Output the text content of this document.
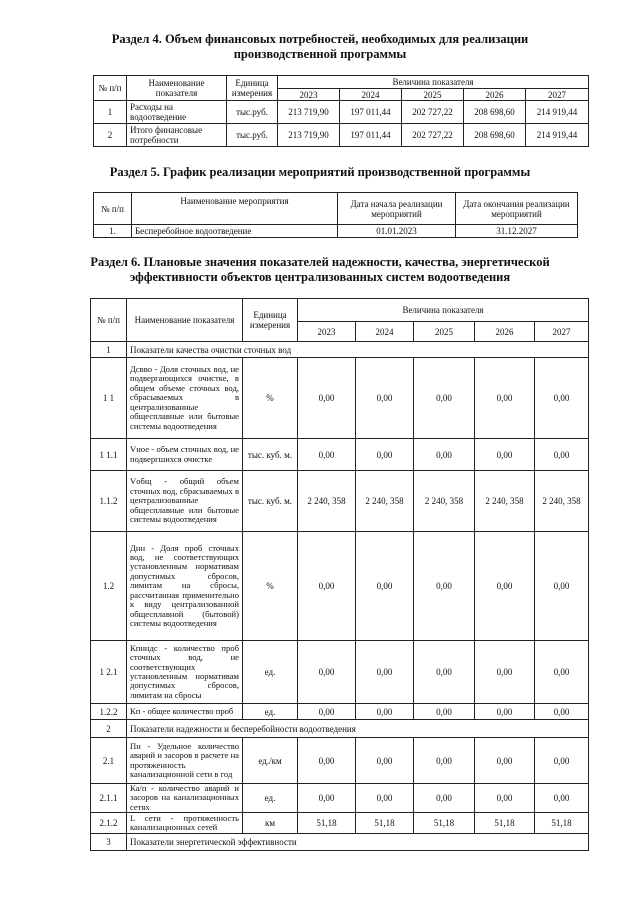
Раздел 4. Объем финансовых потребностей, необходимых для реализации
производственной программы
№ п/п	Наименование показателя	Единица измерения	Величина показателя				
			2023	2024	2025	2026	2027
1	Расходы на водоотведение	тыс.руб.	213 719,90	197 011,44	202 727,22	208 698,60	214 919,44
2	Итого финансовые потребности	тыс.руб.	213 719,90	197 011,44	202 727,22	208 698,60	214 919,44
Раздел 5. График реализации мероприятий производственной программы
№ п/п	Наименование мероприятия	Дата начала реализации мероприятий	Дата окончания реализации мероприятий
1.	Бесперебойное водоотведение	01.01.2023	31.12.2027
Раздел 6. Плановые значения показателей надежности, качества, энергетической
эффективности объектов централизованных систем водоотведения
№ п/п	Наименование показателя	Единица измерения	Величина показателя				
			2023	2024	2025	2026	2027
1	Показатели качества очистки сточных вод						
1 1	Дсвво - Доля сточных вод, не подвергающихся очистке, в общем объеме сточных вод, сбрасываемых в централизованные общесплавные или бытовые системы водоотведения	%	0,00	0,00	0,00	0,00	0,00
1 1.1	Vное - объем сточных вод, не подвергшихся очистке	тыс. куб. м.	0,00	0,00	0,00	0,00	0,00
1.1.2	Vобщ - общий объем сточных вод, сбрасываемых в централизованные общесплавные или бытовые системы водоотведения	тыс. куб. м.	2 240, 358	2 240, 358	2 240, 358	2 240, 358	2 240, 358
1.2	Днн - Доля проб сточных вод, не соответствующих установленным нормативам допустимых сбросов, лимитам на сбросы, рассчитанная применительно к виду централизованной общесплавной (бытовой) системы водоотведения	%	0,00	0,00	0,00	0,00	0,00
1 2.1	Кпнндс - количество проб сточных вод, не соответствующих установленным нормативам допустимых сбросов, лимитам на сбросы	ед.	0,00	0,00	0,00	0,00	0,00
1.2.2	Кп - общее количество проб	ед.	0,00	0,00	0,00	0,00	0,00
2	Показатели надежности и бесперебойности водоотведения						
2.1	Пн - Удельное количество аварий и засоров в расчете на протяженность канализационной сети в год	ед./км	0,00	0,00	0,00	0,00	0,00
2.1.1	Ка/п - количество аварий и засоров на канализационных сетях	ед.	0,00	0,00	0,00	0,00	0,00
2.1.2	L сети - протяженность канализационных сетей	км	51,18	51,18	51,18	51,18	51,18
3	Показатели энергетической эффективности						
